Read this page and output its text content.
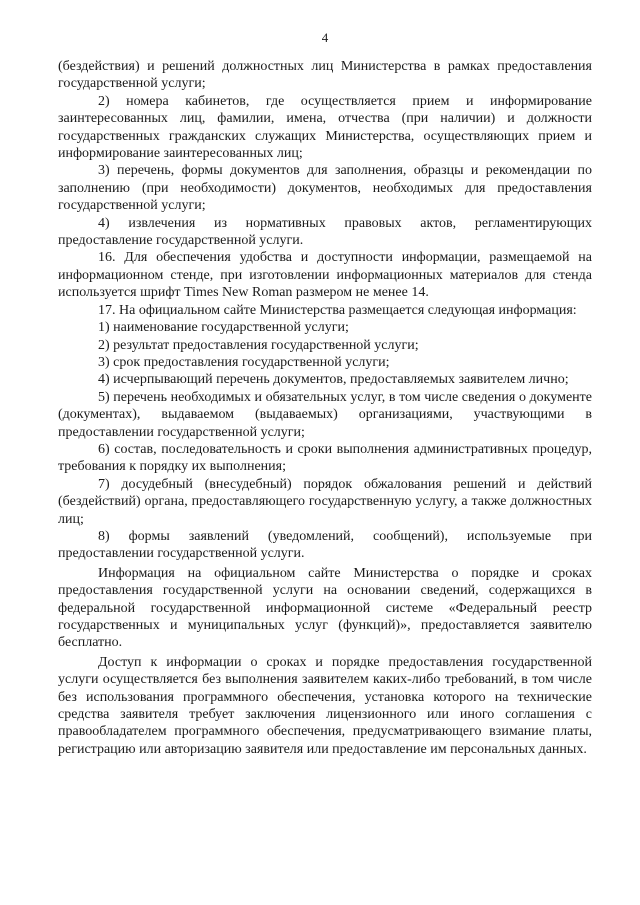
4

(бездействия) и решений должностных лиц Министерства в рамках предоставления государственной услуги;

2) номера кабинетов, где осуществляется прием и информирование заинтересованных лиц, фамилии, имена, отчества (при наличии) и должности государственных гражданских служащих Министерства, осуществляющих прием и информирование заинтересованных лиц;

3) перечень, формы документов для заполнения, образцы и рекомендации по заполнению (при необходимости) документов, необходимых для предоставления государственной услуги;

4) извлечения из нормативных правовых актов, регламентирующих предоставление государственной услуги.

16. Для обеспечения удобства и доступности информации, размещаемой на информационном стенде, при изготовлении информационных материалов для стенда используется шрифт Times New Roman размером не менее 14.

17. На официальном сайте Министерства размещается следующая информация:

1) наименование государственной услуги;

2) результат предоставления государственной услуги;

3) срок предоставления государственной услуги;

4) исчерпывающий перечень документов, предоставляемых заявителем лично;

5) перечень необходимых и обязательных услуг, в том числе сведения о документе (документах), выдаваемом (выдаваемых) организациями, участвующими в предоставлении государственной услуги;

6) состав, последовательность и сроки выполнения административных процедур, требования к порядку их выполнения;

7) досудебный (внесудебный) порядок обжалования решений и действий (бездействий) органа, предоставляющего государственную услугу, а также должностных лиц;

8) формы заявлений (уведомлений, сообщений), используемые при предоставлении государственной услуги.

Информация на официальном сайте Министерства о порядке и сроках предоставления государственной услуги на основании сведений, содержащихся в федеральной государственной информационной системе «Федеральный реестр государственных и муниципальных услуг (функций)», предоставляется заявителю бесплатно.

Доступ к информации о сроках и порядке предоставления государственной услуги осуществляется без выполнения заявителем каких-либо требований, в том числе без использования программного обеспечения, установка которого на технические средства заявителя требует заключения лицензионного или иного соглашения с правообладателем программного обеспечения, предусматривающего взимание платы, регистрацию или авторизацию заявителя или предоставление им персональных данных.
